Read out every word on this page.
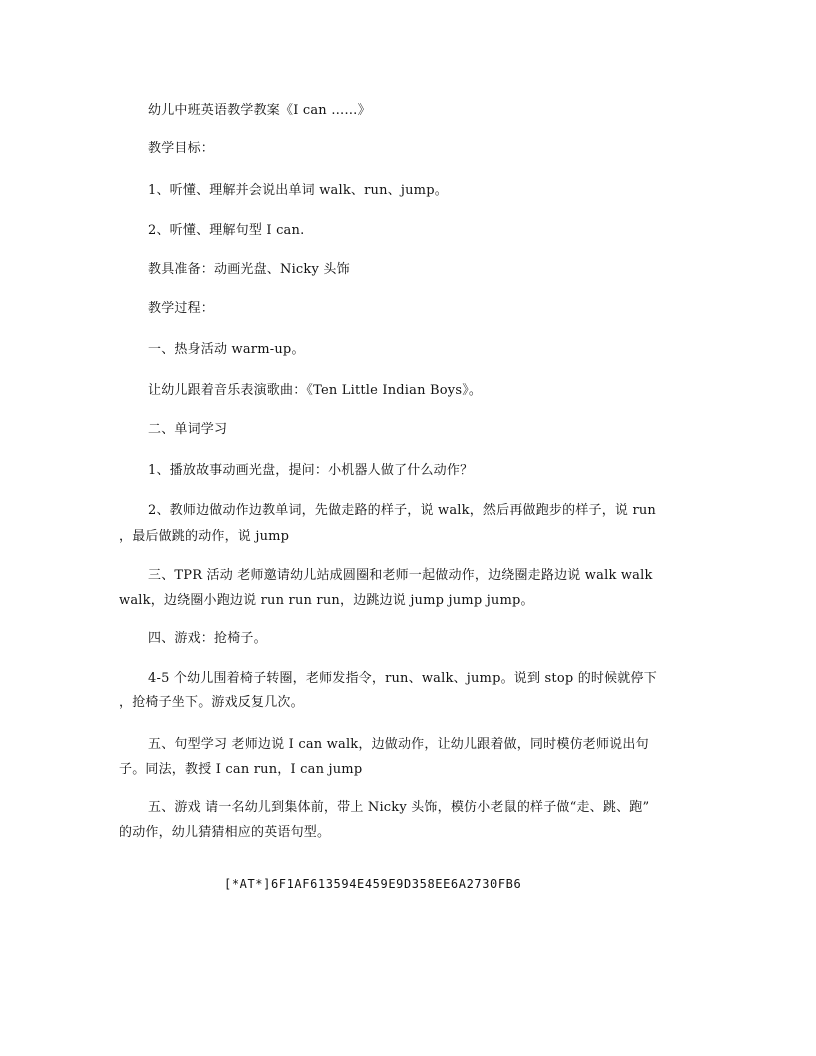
幼儿中班英语教学教案《I can ……》
教学目标：
1、听懂、理解并会说出单词 walk、run、jump。
2、听懂、理解句型 I can.
教具准备：动画光盘、Nicky 头饰
教学过程：
一、热身活动 warm-up。
让幼儿跟着音乐表演歌曲：《Ten Little Indian Boys》。
二、单词学习
1、播放故事动画光盘，提问：小机器人做了什么动作？
2、教师边做动作边教单词，先做走路的样子，说 walk，然后再做跑步的样子，说 run
，最后做跳的动作，说 jump
三、TPR 活动 老师邀请幼儿站成圆圈和老师一起做动作，边绕圈走路边说 walk walk
walk，边绕圈小跑边说 run run run，边跳边说 jump jump jump。
四、游戏：抢椅子。
4-5 个幼儿围着椅子转圈，老师发指令，run、walk、jump。说到 stop 的时候就停下
，抢椅子坐下。游戏反复几次。
五、句型学习 老师边说 I can walk，边做动作，让幼儿跟着做，同时模仿老师说出句
子。同法，教授 I can run，I can jump
五、游戏 请一名幼儿到集体前，带上 Nicky 头饰，模仿小老鼠的样子做“走、跳、跑”
的动作，幼儿猜猜相应的英语句型。
[*AT*]6F1AF613594E459E9D358EE6A2730FB6
